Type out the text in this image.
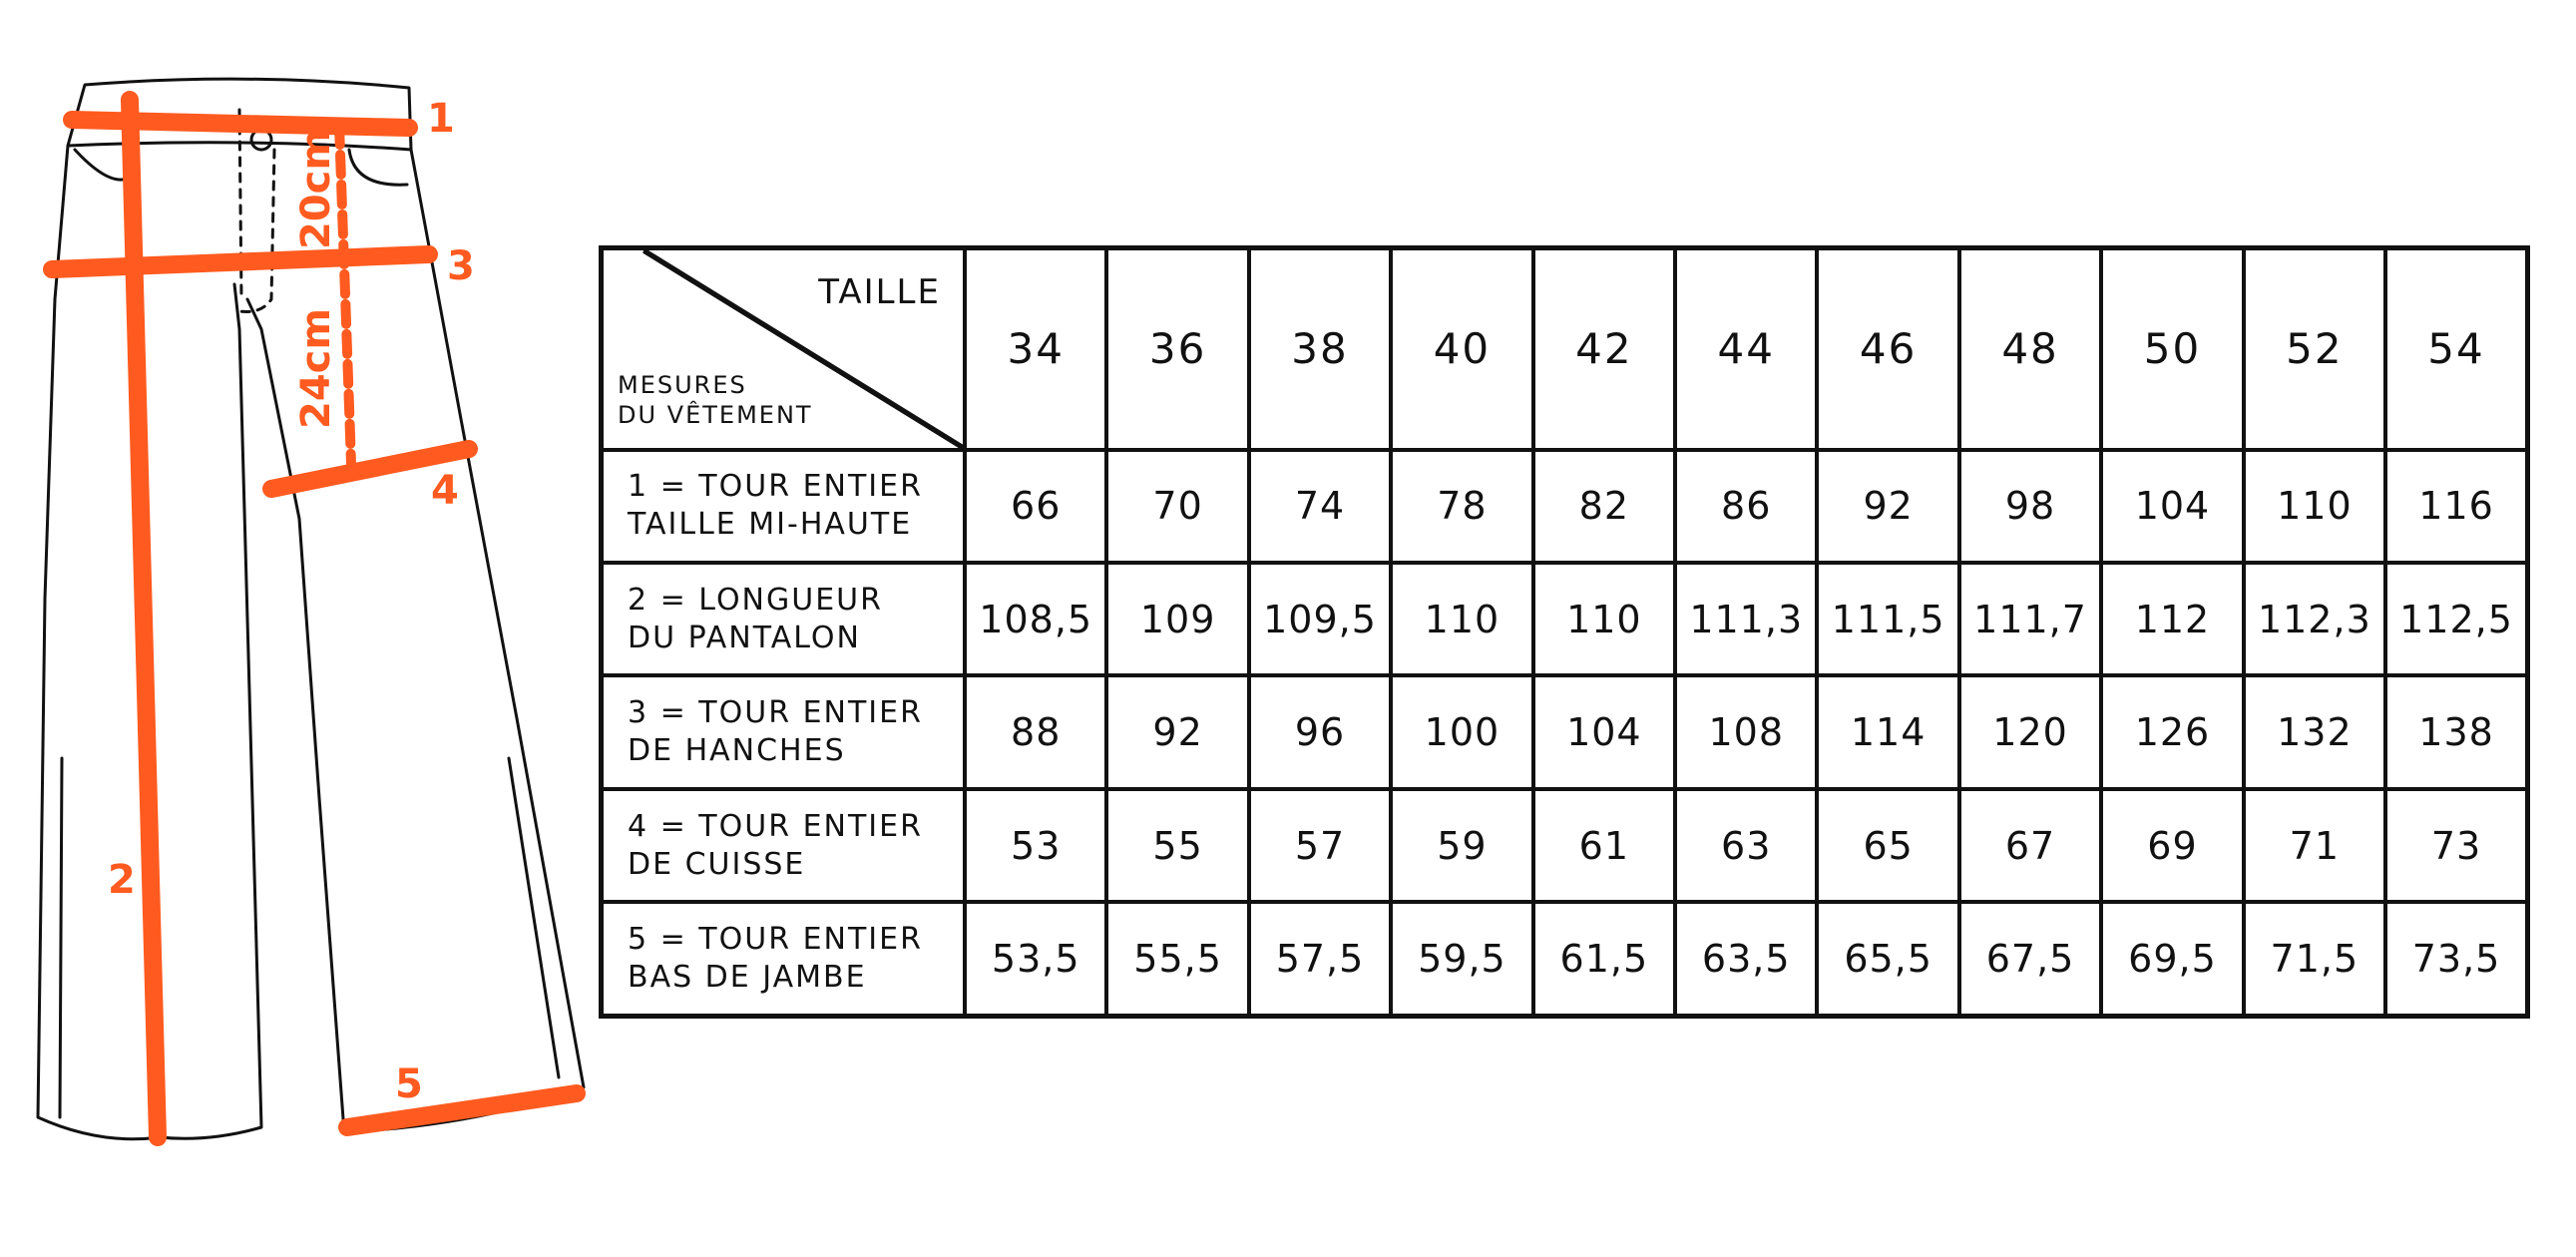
1
2
3
4
5
20cm
24cm
TAILLE
MESURES
DU VÊTEMENT	34	36	38	40	42	44	46	48	50	52	54

1 = TOUR ENTIER
TAILLE MI-HAUTE	66	70	74	78	82	86	92	98	104	110	116

2 = LONGUEUR
DU PANTALON	108,5	109	109,5	110	110	111,3	111,5	111,7	112	112,3	112,5

3 = TOUR ENTIER
DE HANCHES	88	92	96	100	104	108	114	120	126	132	138

4 = TOUR ENTIER
DE CUISSE	53	55	57	59	61	63	65	67	69	71	73

5 = TOUR ENTIER
BAS DE JAMBE	53,5	55,5	57,5	59,5	61,5	63,5	65,5	67,5	69,5	71,5	73,5
